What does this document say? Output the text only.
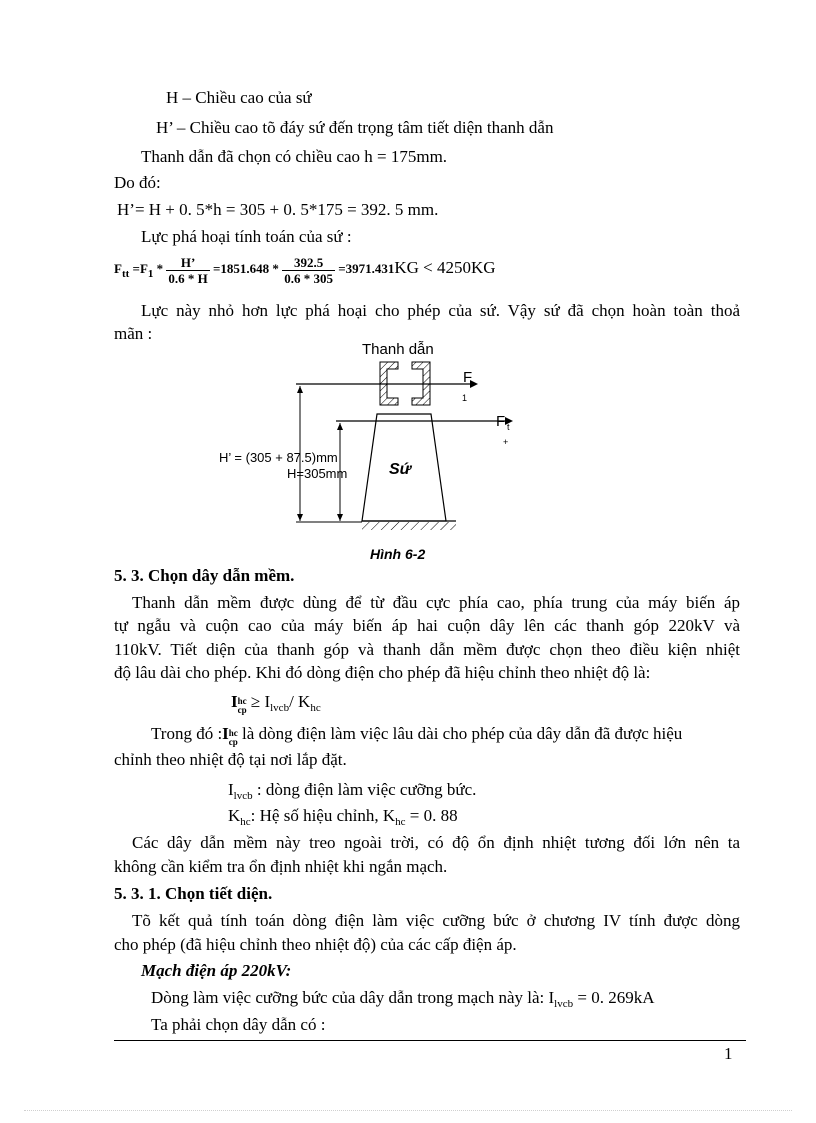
H – Chiều cao của sứ
H’ – Chiều cao tõ đáy sứ đến trọng tâm tiết diện thanh dẫn
Thanh dẫn đã chọn có chiều cao h = 175mm.
Do đó:
H’= H + 0. 5*h = 305 + 0. 5*175 = 392. 5 mm.
Lực phá hoại tính toán của sứ :
$F_{tt} =F_1 * \frac{H’}{0.6 * H} =1851.648 * \frac{392.5}{0.6 * 305} =3971.431KG < 4250KG$
Lực này nhỏ hơn lực phá hoại cho phép của sứ. Vậy sứ đã chọn hoàn toàn thoả
mãn :
Thanh dẫn
F
1
F t
+
Sứ
H’ = (305 + 87.5)mm
H=305mm
Hình 6-2
5. 3. Chọn dây dẫn mềm.
Thanh dẫn mềm được dùng để từ đầu cực phía cao, phía trung của máy biến áp
tự ngẫu và cuộn cao của máy biến áp hai cuộn dây lên các thanh góp 220kV và
110kV. Tiết diện của thanh góp và thanh dẫn mềm được chọn theo điều kiện nhiệt
độ lâu dài cho phép. Khi đó dòng điện cho phép đã hiệu chỉnh theo nhiệt độ là:
I hc
cp ≥ $I_{lvcb}/$ $K_{hc}$
Trong đó :I hc
cp là dòng điện làm việc lâu dài cho phép của dây dẫn đã được hiệu
chỉnh theo nhiệt độ tại nơi lắp đặt.
$I_{lvcb}$ : dòng điện làm việc cưỡng bức.
$K_{hc}$: Hệ số hiệu chỉnh, $K_{hc} = 0$. 88
Các dây dẫn mềm này treo ngoài trời, có độ ổn định nhiệt tương đối lớn nên ta
không cần kiểm tra ổn định nhiệt khi ngắn mạch.
5. 3. 1. Chọn tiết diện.
Tõ kết quả tính toán dòng điện làm việc cưỡng bức ở chương IV tính được dòng
cho phép (đã hiệu chỉnh theo nhiệt độ) của các cấp điện áp.
Mạch điện áp 220kV:
Dòng làm việc cưỡng bức của dây dẫn trong mạch này là: $I_{lvcb} = 0$. 269kA
Ta phải chọn dây dẫn có :
1
